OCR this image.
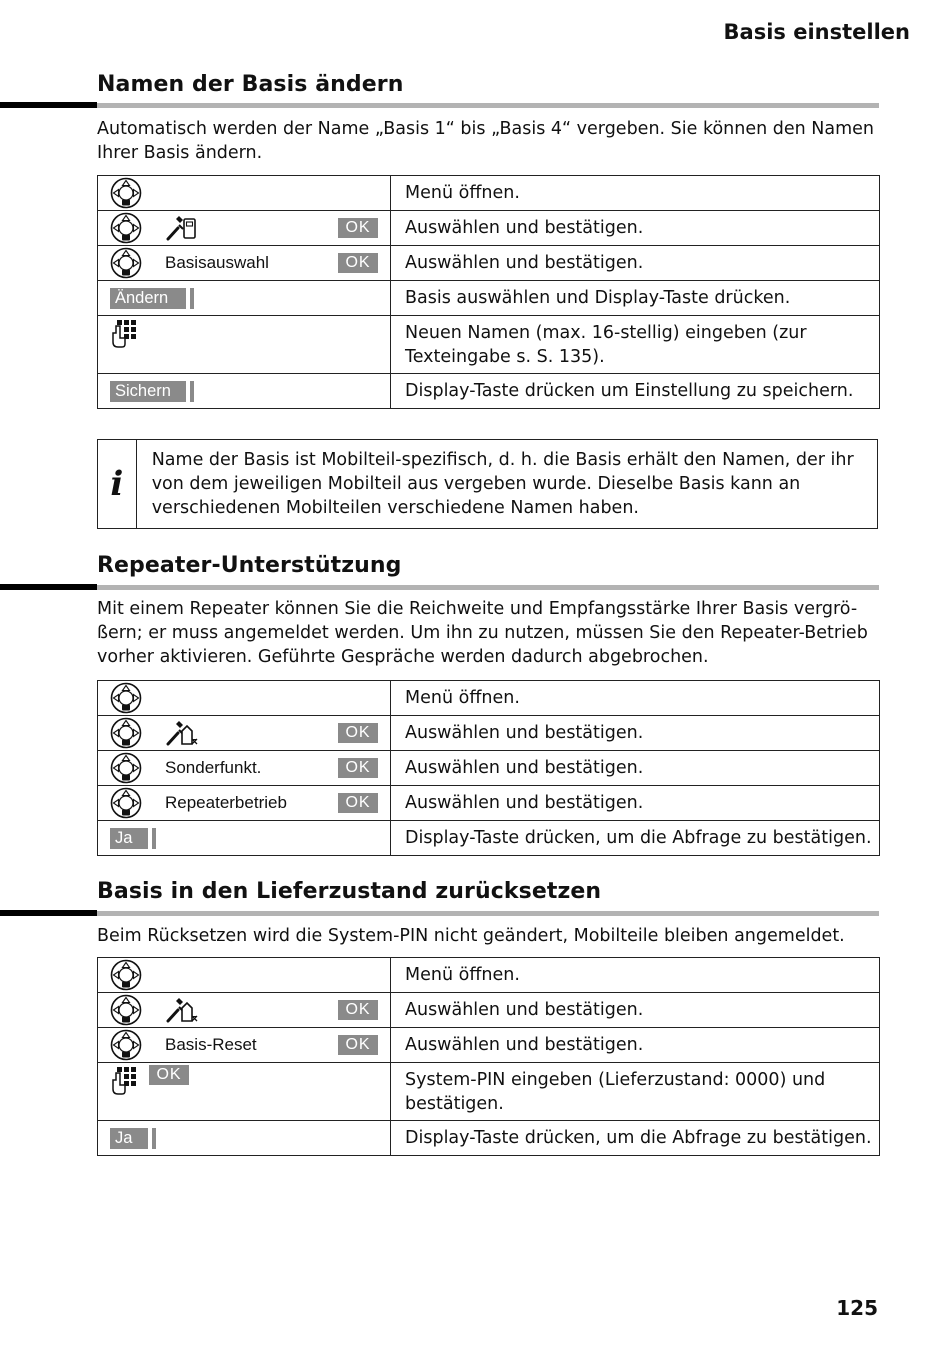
Basis einstellen
Namen der Basis ändern
Automatisch werden der Name „Basis 1“ bis „Basis 4“ vergeben. Sie können den Namen Ihrer Basis ändern.
	Menü öffnen.

OK	Auswählen und bestätigen.

Basisauswahl OK	Auswählen und bestätigen.

Ändern	Basis auswählen und Display-Taste drücken.

	Neuen Namen (max. 16-stellig) eingeben (zur Texteingabe s. S. 135).

Sichern	Display-Taste drücken um Einstellung zu speichern.
i
Name der Basis ist Mobilteil-spezifisch, d. h. die Basis erhält den Namen, der ihr von dem jeweiligen Mobilteil aus vergeben wurde. Dieselbe Basis kann an verschiedenen Mobilteilen verschiedene Namen haben.
Repeater-Unterstützung
Mit einem Repeater können Sie die Reichweite und Empfangsstärke Ihrer Basis vergrö-ßern; er muss angemeldet werden. Um ihn zu nutzen, müssen Sie den Repeater-Betrieb vorher aktivieren. Geführte Gespräche werden dadurch abgebrochen.
	Menü öffnen.

OK	Auswählen und bestätigen.

Sonderfunkt. OK	Auswählen und bestätigen.

Repeaterbetrieb OK	Auswählen und bestätigen.

Ja	Display-Taste drücken, um die Abfrage zu bestätigen.
Basis in den Lieferzustand zurücksetzen
Beim Rücksetzen wird die System-PIN nicht geändert, Mobilteile bleiben angemeldet.
	Menü öffnen.

OK	Auswählen und bestätigen.

Basis-Reset OK	Auswählen und bestätigen.

OK	System-PIN eingeben (Lieferzustand: 0000) und bestätigen.

Ja	Display-Taste drücken, um die Abfrage zu bestätigen.
125
